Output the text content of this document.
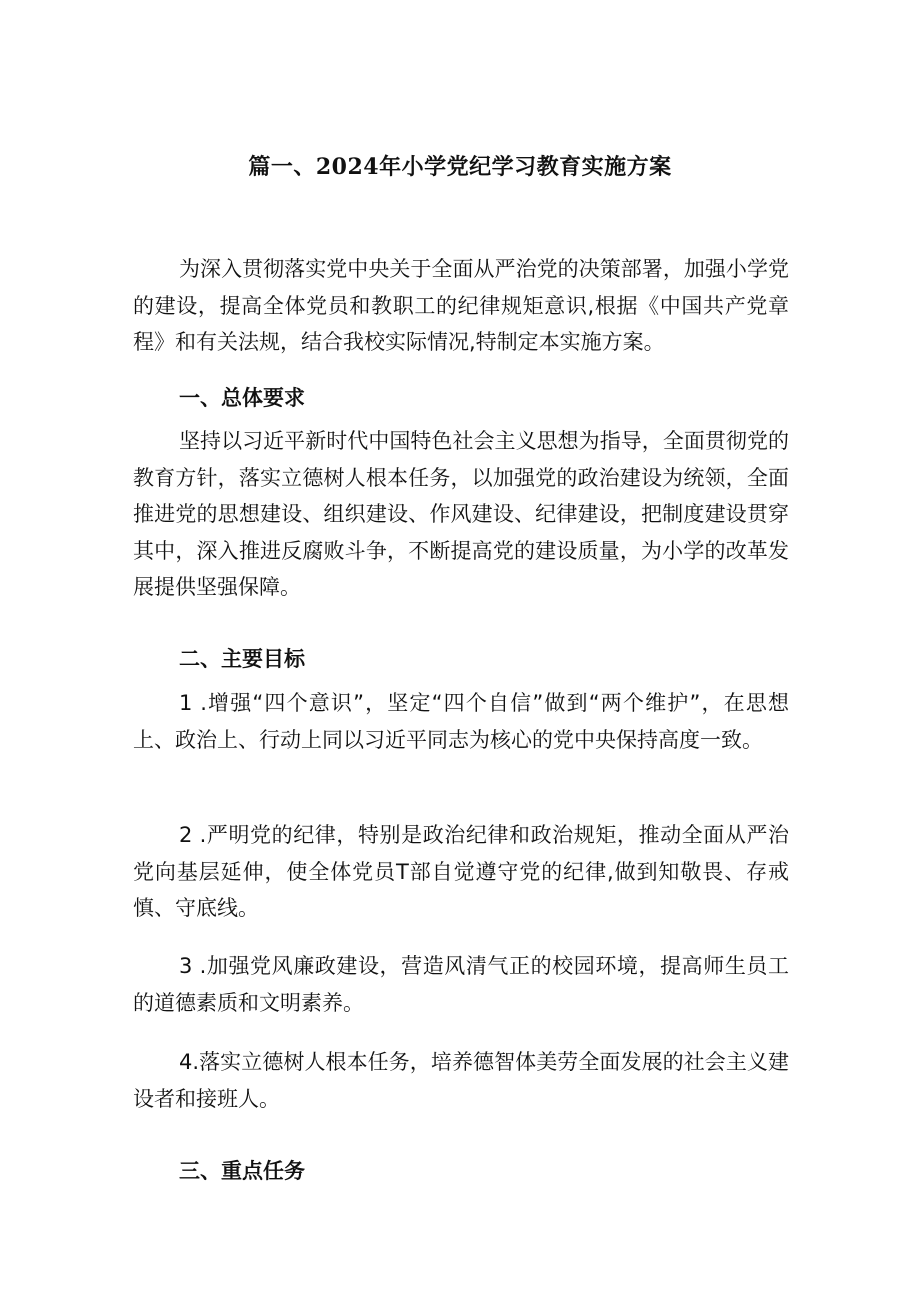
篇一、2024年小学党纪学习教育实施方案
为深入贯彻落实党中央关于全面从严治党的决策部署，加强小学党的建设，提高全体党员和教职工的纪律规矩意识,根据《中国共产党章程》和有关法规，结合我校实际情况,特制定本实施方案。
一、总体要求
坚持以习近平新时代中国特色社会主义思想为指导，全面贯彻党的教育方针，落实立德树人根本任务，以加强党的政治建设为统领，全面推进党的思想建设、组织建设、作风建设、纪律建设，把制度建设贯穿其中，深入推进反腐败斗争，不断提高党的建设质量，为小学的改革发展提供坚强保障。
二、主要目标
1 .增强“四个意识”，坚定“四个自信”做到“两个维护”，在思想上、政治上、行动上同以习近平同志为核心的党中央保持高度一致。
2 .严明党的纪律，特别是政治纪律和政治规矩，推动全面从严治党向基层延伸，使全体党员T部自觉遵守党的纪律,做到知敬畏、存戒慎、守底线。
3 .加强党风廉政建设，营造风清气正的校园环境，提高师生员工的道德素质和文明素养。
4.落实立德树人根本任务，培养德智体美劳全面发展的社会主义建设者和接班人。
三、重点任务
